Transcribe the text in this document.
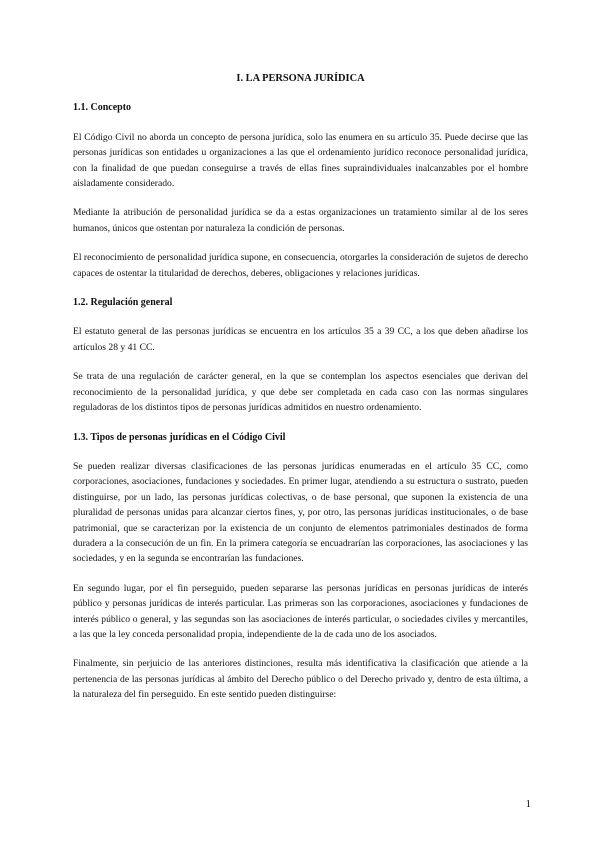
I. LA PERSONA JURÍDICA
1.1. Concepto

El Código Civil no aborda un concepto de persona jurídica, solo las enumera en su artículo 35. Puede decirse que las personas jurídicas son entidades u organizaciones a las que el ordenamiento jurídico reconoce personalidad jurídica, con la finalidad de que puedan conseguirse a través de ellas fines supraindividuales inalcanzables por el hombre aisladamente considerado.

Mediante la atribución de personalidad jurídica se da a estas organizaciones un tratamiento similar al de los seres humanos, únicos que ostentan por naturaleza la condición de personas.

El reconocimiento de personalidad jurídica supone, en consecuencia, otorgarles la consideración de sujetos de derecho capaces de ostentar la titularidad de derechos, deberes, obligaciones y relaciones jurídicas.

1.2. Regulación general

El estatuto general de las personas jurídicas se encuentra en los artículos 35 a 39 CC, a los que deben añadirse los artículos 28 y 41 CC.

Se trata de una regulación de carácter general, en la que se contemplan los aspectos esenciales que derivan del reconocimiento de la personalidad jurídica, y que debe ser completada en cada caso con las normas singulares reguladoras de los distintos tipos de personas jurídicas admitidos en nuestro ordenamiento.

1.3. Tipos de personas jurídicas en el Código Civil

Se pueden realizar diversas clasificaciones de las personas jurídicas enumeradas en el artículo 35 CC, como corporaciones, asociaciones, fundaciones y sociedades. En primer lugar, atendiendo a su estructura o sustrato, pueden distinguirse, por un lado, las personas jurídicas colectivas, o de base personal, que suponen la existencia de una pluralidad de personas unidas para alcanzar ciertos fines, y, por otro, las personas jurídicas institucionales, o de base patrimonial, que se caracterizan por la existencia de un conjunto de elementos patrimoniales destinados de forma duradera a la consecución de un fin. En la primera categoría se encuadrarían las corporaciones, las asociaciones y las sociedades, y en la segunda se encontrarían las fundaciones.

En segundo lugar, por el fin perseguido, pueden separarse las personas jurídicas en personas jurídicas de interés público y personas jurídicas de interés particular. Las primeras son las corporaciones, asociaciones y fundaciones de interés público o general, y las segundas son las asociaciones de interés particular, o sociedades civiles y mercantiles, a las que la ley conceda personalidad propia, independiente de la de cada uno de los asociados.

Finalmente, sin perjuicio de las anteriores distinciones, resulta más identificativa la clasificación que atiende a la pertenencia de las personas jurídicas al ámbito del Derecho público o del Derecho privado y, dentro de esta última, a la naturaleza del fin perseguido. En este sentido pueden distinguirse:

1
